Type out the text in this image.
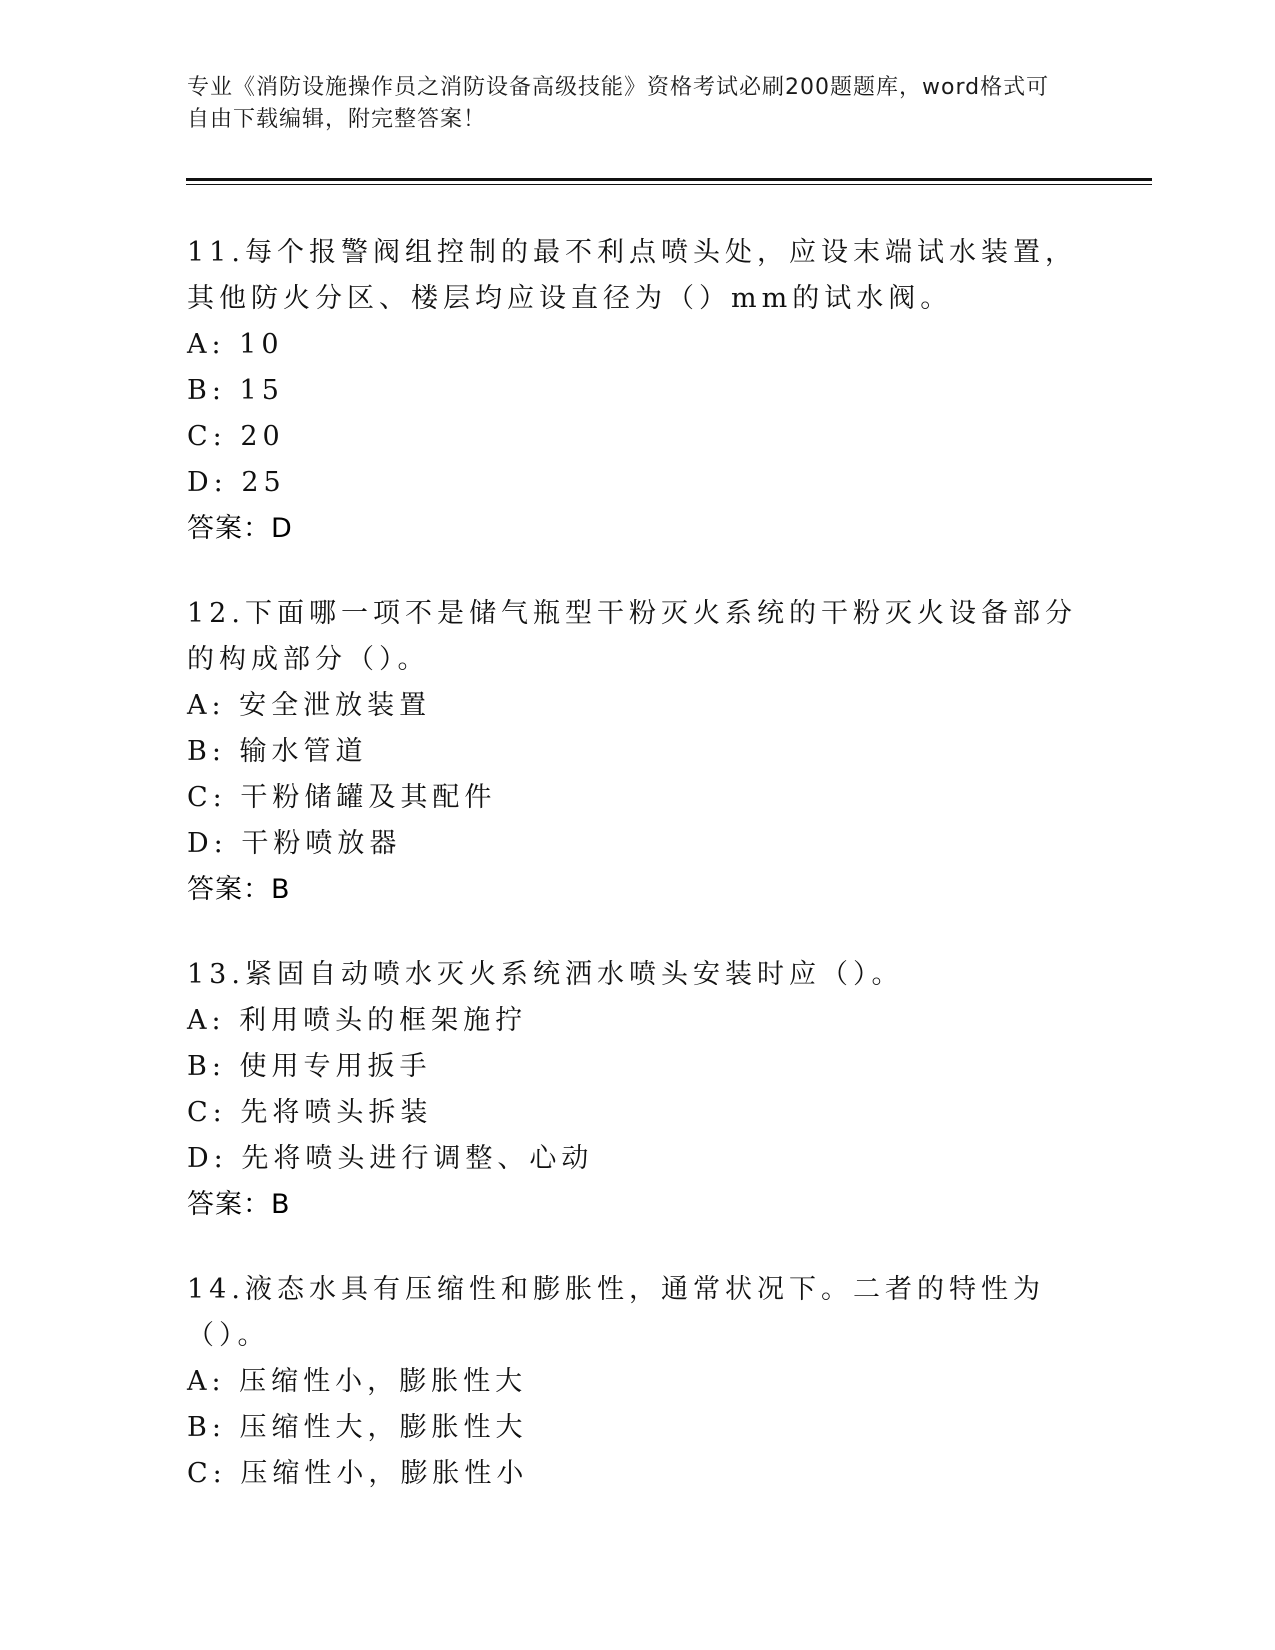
专业《消防设施操作员之消防设备高级技能》资格考试必刷200题题库，word格式可自由下载编辑，附完整答案！

11.每个报警阀组控制的最不利点喷头处，应设末端试水装置，其他防火分区、楼层均应设直径为（）mm的试水阀。

A: 10

B: 15

C: 20

D: 25

答案：D

12.下面哪一项不是储气瓶型干粉灭火系统的干粉灭火设备部分的构成部分（）。

A: 安全泄放装置

B: 输水管道

C: 干粉储罐及其配件

D: 干粉喷放器

答案：B

13.紧固自动喷水灭火系统洒水喷头安装时应（）。

A: 利用喷头的框架施拧

B: 使用专用扳手

C: 先将喷头拆装

D: 先将喷头进行调整、心动

答案：B

14.液态水具有压缩性和膨胀性，通常状况下。二者的特性为（）。

A: 压缩性小，膨胀性大

B: 压缩性大，膨胀性大

C: 压缩性小，膨胀性小
